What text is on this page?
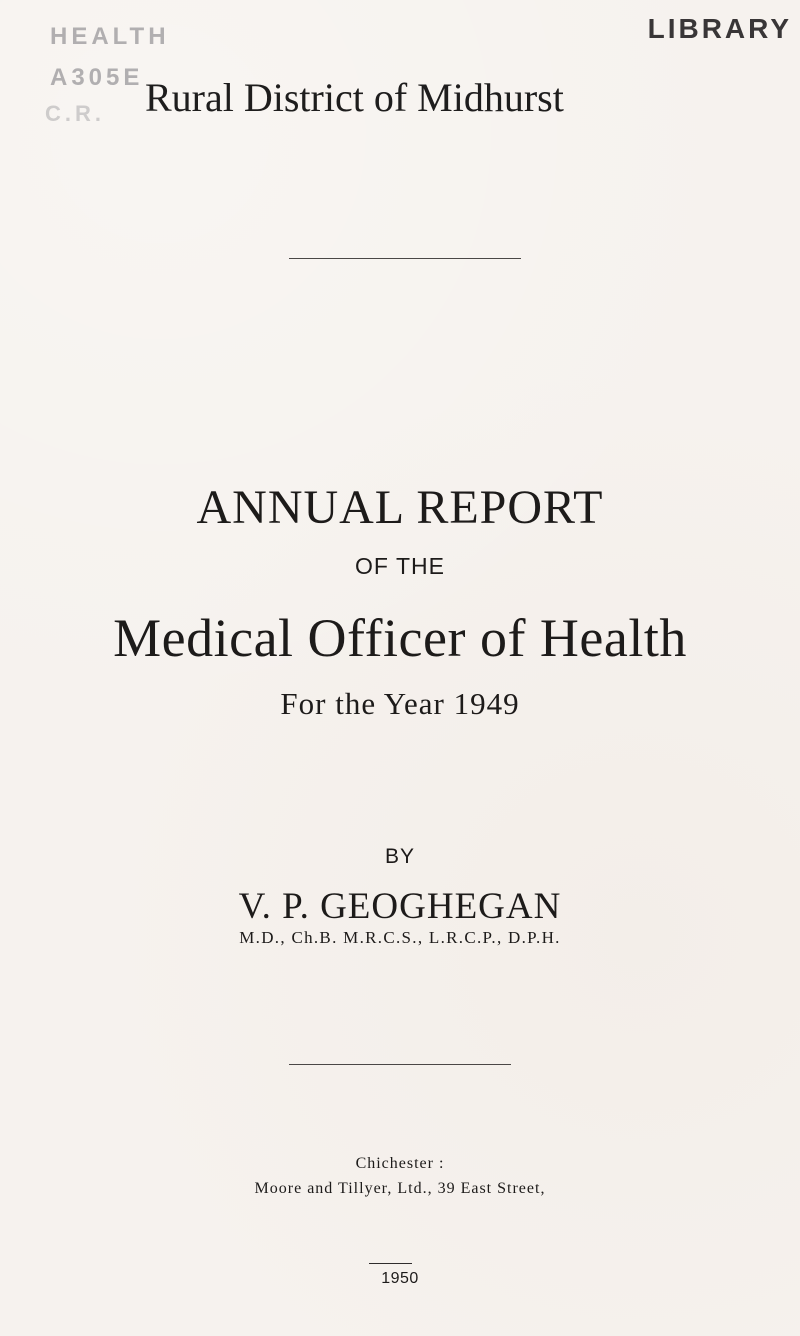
HEALTH
A305E
C.R.
LIBRARY
Rural District of Midhurst
ANNUAL REPORT
OF THE
Medical Officer of Health
For the Year 1949
BY
V. P. GEOGHEGAN
M.D., Ch.B. M.R.C.S., L.R.C.P., D.P.H.
Chichester :
Moore and Tillyer, Ltd., 39 East Street,
1950
